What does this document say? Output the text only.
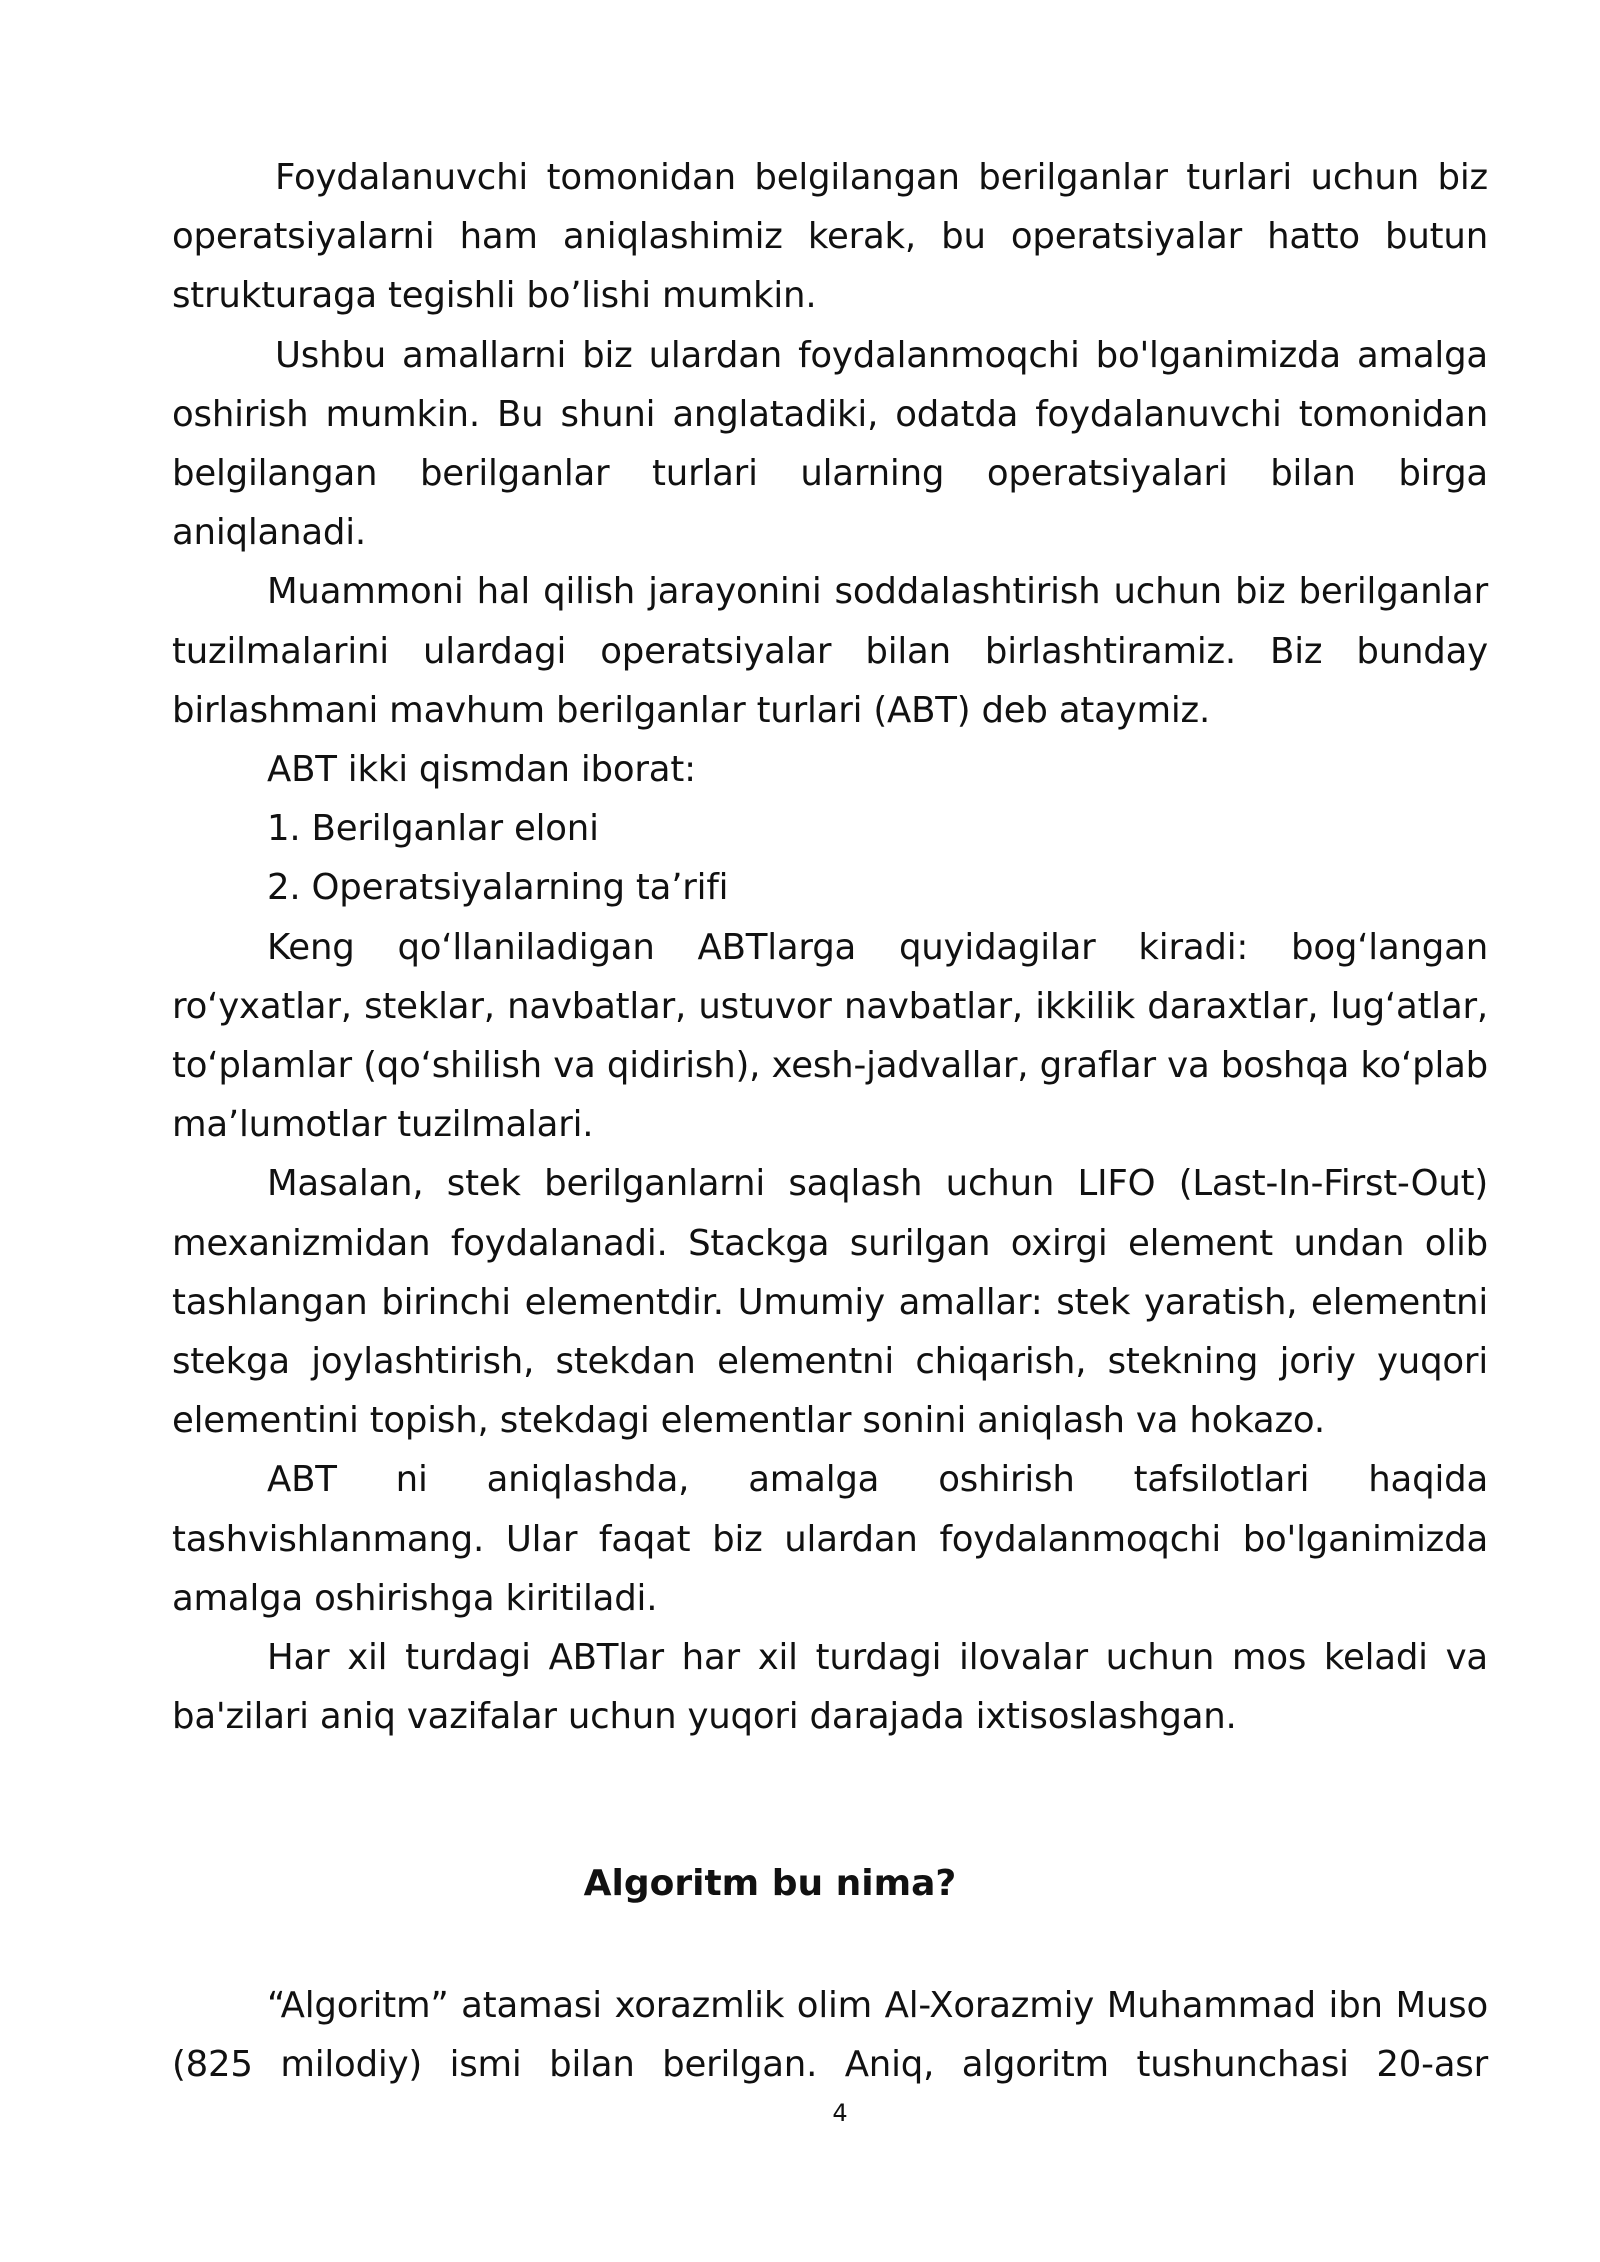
Foydalanuvchi tomonidan belgilangan berilganlar turlari uchun biz operatsiyalarni ham aniqlashimiz kerak, bu operatsiyalar hatto butun strukturaga tegishli bo’lishi mumkin.

Ushbu amallarni biz ulardan foydalanmoqchi bo'lganimizda amalga oshirish mumkin. Bu shuni anglatadiki, odatda foydalanuvchi tomonidan belgilangan berilganlar turlari ularning operatsiyalari bilan birga aniqlanadi.

Muammoni hal qilish jarayonini soddalashtirish uchun biz berilganlar tuzilmalarini ulardagi operatsiyalar bilan birlashtiramiz. Biz bunday birlashmani mavhum berilganlar turlari (ABT) deb ataymiz.

ABT ikki qismdan iborat:

1. Berilganlar eloni

2. Operatsiyalarning ta’rifi

Keng qoʻllaniladigan ABTlarga quyidagilar kiradi: bogʻlangan roʻyxatlar, steklar, navbatlar, ustuvor navbatlar, ikkilik daraxtlar, lugʻatlar, toʻplamlar (qoʻshilish va qidirish), xesh-jadvallar, graflar va boshqa koʻplab maʼlumotlar tuzilmalari.

Masalan, stek berilganlarni saqlash uchun LIFO (Last-In-First-Out) mexanizmidan foydalanadi. Stackga surilgan oxirgi element undan olib tashlangan birinchi elementdir. Umumiy amallar: stek yaratish, elementni stekga joylashtirish, stekdan elementni chiqarish, stekning joriy yuqori elementini topish, stekdagi elementlar sonini aniqlash va hokazo.

ABT ni aniqlashda, amalga oshirish tafsilotlari haqida tashvishlanmang. Ular faqat biz ulardan foydalanmoqchi bo'lganimizda amalga oshirishga kiritiladi.

Har xil turdagi ABTlar har xil turdagi ilovalar uchun mos keladi va ba'zilari aniq vazifalar uchun yuqori darajada ixtisoslashgan.

Algoritm bu nima?

“Algoritm” atamasi xorazmlik olim Al-Xorazmiy Muhammad ibn Muso (825 milodiy) ismi bilan berilgan. Aniq, algoritm tushunchasi 20-asr

4
